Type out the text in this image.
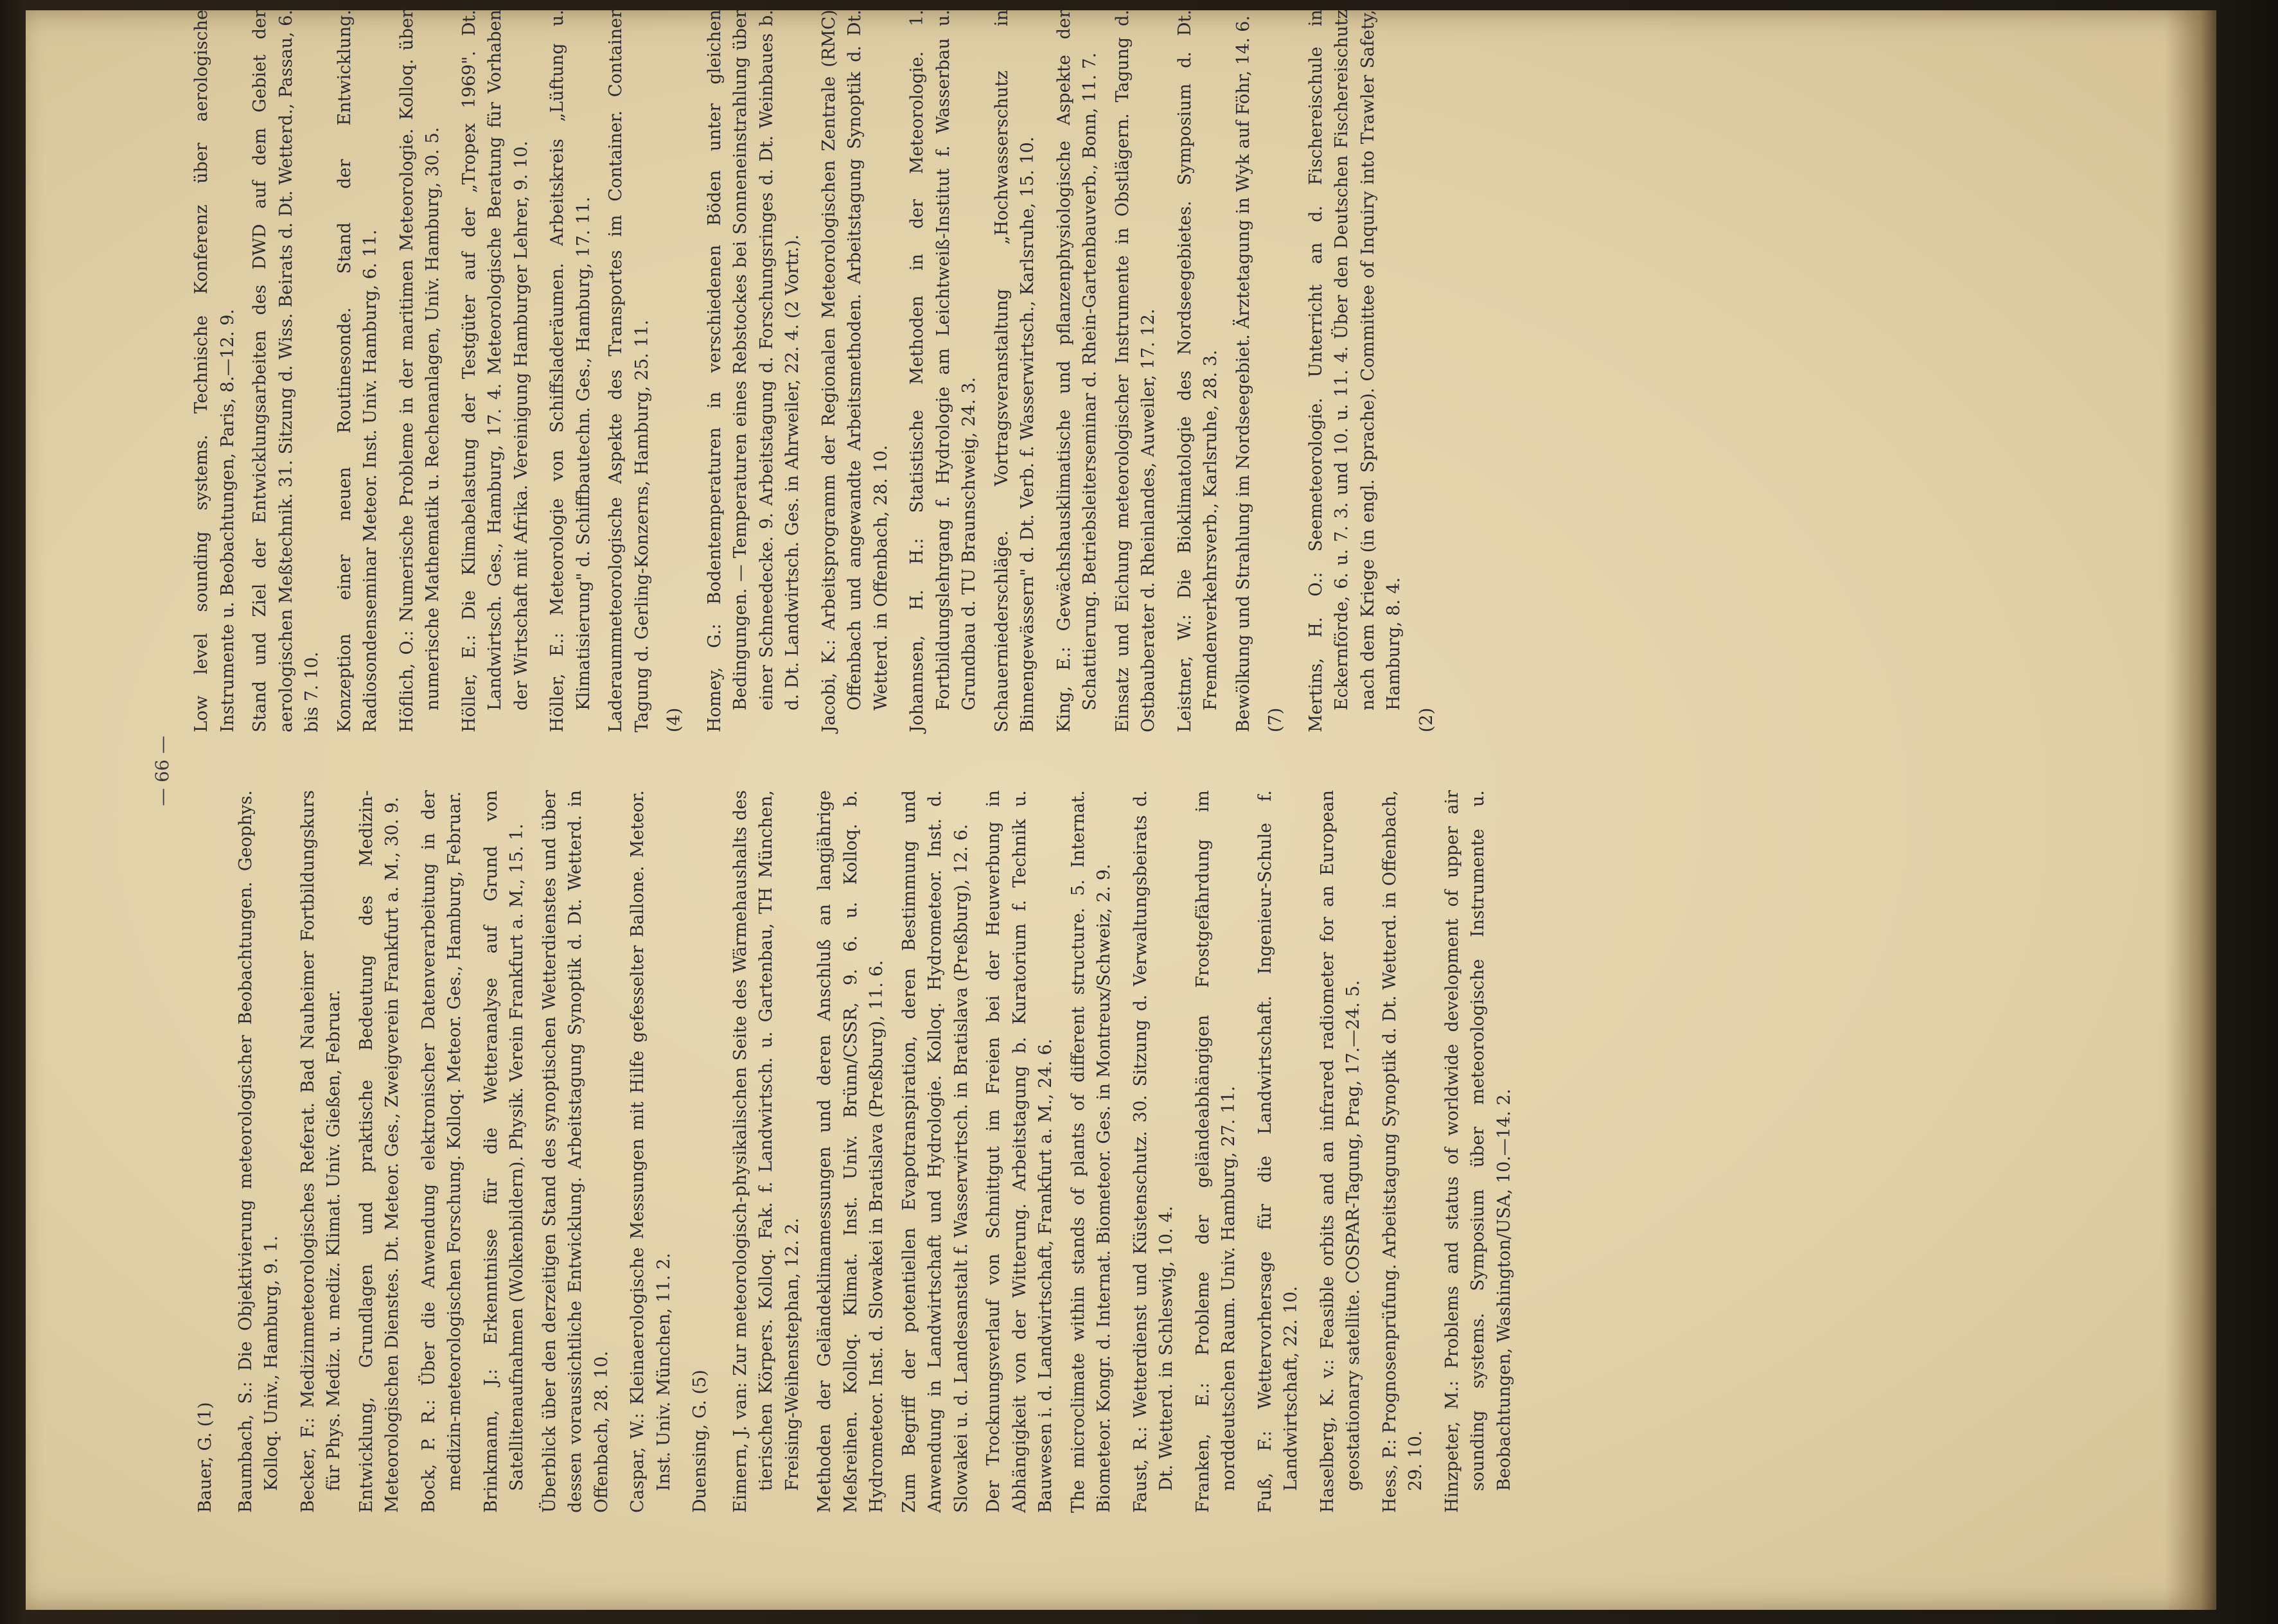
— 66 —

Bauer, G. (1) Baumbach, S.: Die Objektivierung meteorologischer Beobachtungen. Geophys. Kolloq. Univ., Hamburg, 9. 1. Becker, F.: Medizinmeteorologisches Referat. Bad Nauheimer Fortbildungskurs für Phys. Mediz. u. mediz. Klimat. Univ. Gießen, Februar. Entwicklung, Grundlagen und praktische Bedeutung des Medizin-Meteorologischen Dienstes. Dt. Meteor. Ges., Zweigverein Frankfurt a. M., 30. 9. Bock, P. R.: Über die Anwendung elektronischer Datenverarbeitung in der medizin-meteorologischen Forschung. Kolloq. Meteor. Ges., Hamburg, Februar. Brinkmann, J.: Erkenntnisse für die Wetteranalyse auf Grund von Satellitenaufnahmen (Wolkenbildern). Physik. Verein Frankfurt a. M., 15. 1. Überblick über den derzeitigen Stand des synoptischen Wetterdienstes und über dessen voraussichtliche Entwicklung. Arbeitstagung Synoptik d. Dt. Wetterd. in Offenbach, 28. 10. Caspar, W.: Kleinaerologische Messungen mit Hilfe gefesselter Ballone. Meteor. Inst. Univ. München, 11. 2. Duensing, G. (5) Eimern, J. van: Zur meteorologisch-physikalischen Seite des Wärmehaushalts des tierischen Körpers. Kolloq. Fak. f. Landwirtsch. u. Gartenbau, TH München, Freising-Weihenstephan, 12. 2. Methoden der Geländeklimamessungen und deren Anschluß an langjährige Meßreihen. Kolloq. Klimat. Inst. Univ. Brünn/CSSR, 9. 6. u. Kolloq. b. Hydrometeor. Inst. d. Slowakei in Bratislava (Preßburg), 11. 6. Zum Begriff der potentiellen Evapotranspiration, deren Bestimmung und Anwendung in Landwirtschaft und Hydrologie. Kolloq. Hydrometeor. Inst. d. Slowakei u. d. Landesanstalt f. Wasserwirtsch. in Bratislava (Preßburg), 12. 6. Der Trocknungsverlauf von Schnittgut im Freien bei der Heuwerbung in Abhängigkeit von der Witterung. Arbeitstagung b. Kuratorium f. Technik u. Bauwesen i. d. Landwirtschaft, Frankfurt a. M., 24. 6. The microclimate within stands of plants of different structure. 5. Internat. Biometeor. Kongr. d. Internat. Biometeor. Ges. in Montreux/Schweiz, 2. 9. Faust, R.: Wetterdienst und Küstenschutz. 30. Sitzung d. Verwaltungsbeirats d. Dt. Wetterd. in Schleswig, 10. 4. Franken, E.: Probleme der geländeabhängigen Frostgefährdung im norddeutschen Raum. Univ. Hamburg, 27. 11. Fuß, F.: Wettervorhersage für die Landwirtschaft. Ingenieur-Schule f. Landwirtschaft, 22. 10. Haselberg, K. v.: Feasible orbits and an infrared radiometer for an European geostationary satellite. COSPAR-Tagung, Prag, 17.—24. 5. Hess, P.: Prognosenprüfung. Arbeitstagung Synoptik d. Dt. Wetterd. in Offenbach, 29. 10. Hinzpeter, M.: Problems and status of worldwide development of upper air sounding systems. Symposium über meteorologische Instrumente u. Beobachtungen, Washington/USA, 10.—14. 2.

Low level sounding systems. Technische Konferenz über aerologische Instrumente u. Beobachtungen, Paris, 8.—12. 9. Stand und Ziel der Entwicklungsarbeiten des DWD auf dem Gebiet der aerologischen Meßtechnik. 31. Sitzung d. Wiss. Beirats d. Dt. Wetterd., Passau, 6. bis 7. 10. Konzeption einer neuen Routinesonde. Stand der Entwicklung. Radiosondenseminar Meteor. Inst. Univ. Hamburg, 6. 11. Höflich, O.: Numerische Probleme in der maritimen Meteorologie. Kolloq. über numerische Mathematik u. Rechenanlagen, Univ. Hamburg, 30. 5. Höller, E.: Die Klimabelastung der Testgüter auf der „Tropex 1969". Dt. Landwirtsch. Ges., Hamburg, 17. 4. Meteorologische Beratung für Vorhaben der Wirtschaft mit Afrika. Vereinigung Hamburger Lehrer, 9. 10. Höller, E.: Meteorologie von Schiffsladeräumen. Arbeitskreis „Lüftung u. Klimatisierung" d. Schiffbautechn. Ges., Hamburg, 17. 11. Laderaummeteorologische Aspekte des Transportes im Container. Container Tagung d. Gerling-Konzerns, Hamburg, 25. 11. (4) Homey, G.: Bodentemperaturen in verschiedenen Böden unter gleichen Bedingungen. — Temperaturen eines Rebstockes bei Sonneneinstrahlung über einer Schneedecke. 9. Arbeitstagung d. Forschungsringes d. Dt. Weinbaues b. d. Dt. Landwirtsch. Ges. in Ahrweiler, 22. 4. (2 Vortr.). Jacobi, K.: Arbeitsprogramm der Regionalen Meteorologischen Zentrale (RMC) Offenbach und angewandte Arbeitsmethoden. Arbeitstagung Synoptik d. Dt. Wetterd. in Offenbach, 28. 10. Johannsen, H. H.: Statistische Methoden in der Meteorologie. 1. Fortbildungslehrgang f. Hydrologie am Leichtweiß-Institut f. Wasserbau u. Grundbau d. TU Braunschweig, 24. 3. Schauerniederschläge. Vortragsveranstaltung „Hochwasserschutz in Binnengewässern" d. Dt. Verb. f. Wasserwirtsch., Karlsruhe, 15. 10. King, E.: Gewächshausklimatische und pflanzenphysiologische Aspekte der Schattierung. Betriebsleiterseminar d. Rhein-Gartenbauverb., Bonn, 11. 7. Einsatz und Eichung meteorologischer Instrumente in Obstlägern. Tagung d. Ostbauberater d. Rheinlandes, Auweiler, 17. 12. Leistner, W.: Die Bioklimatologie des Nordseegebietes. Symposium d. Dt. Fremdenverkehrsverb., Karlsruhe, 28. 3. Bewölkung und Strahlung im Nordseegebiet. Ärztetagung in Wyk auf Föhr, 14. 6. (7) Mertins, H. O.: Seemeteorologie. Unterricht an d. Fischereischule in Eckernförde, 6. u. 7. 3. und 10. u. 11. 4. Über den Deutschen Fischereischutz nach dem Kriege (in engl. Sprache). Committee of Inquiry into Trawler Safety, Hamburg, 8. 4.

(2)
